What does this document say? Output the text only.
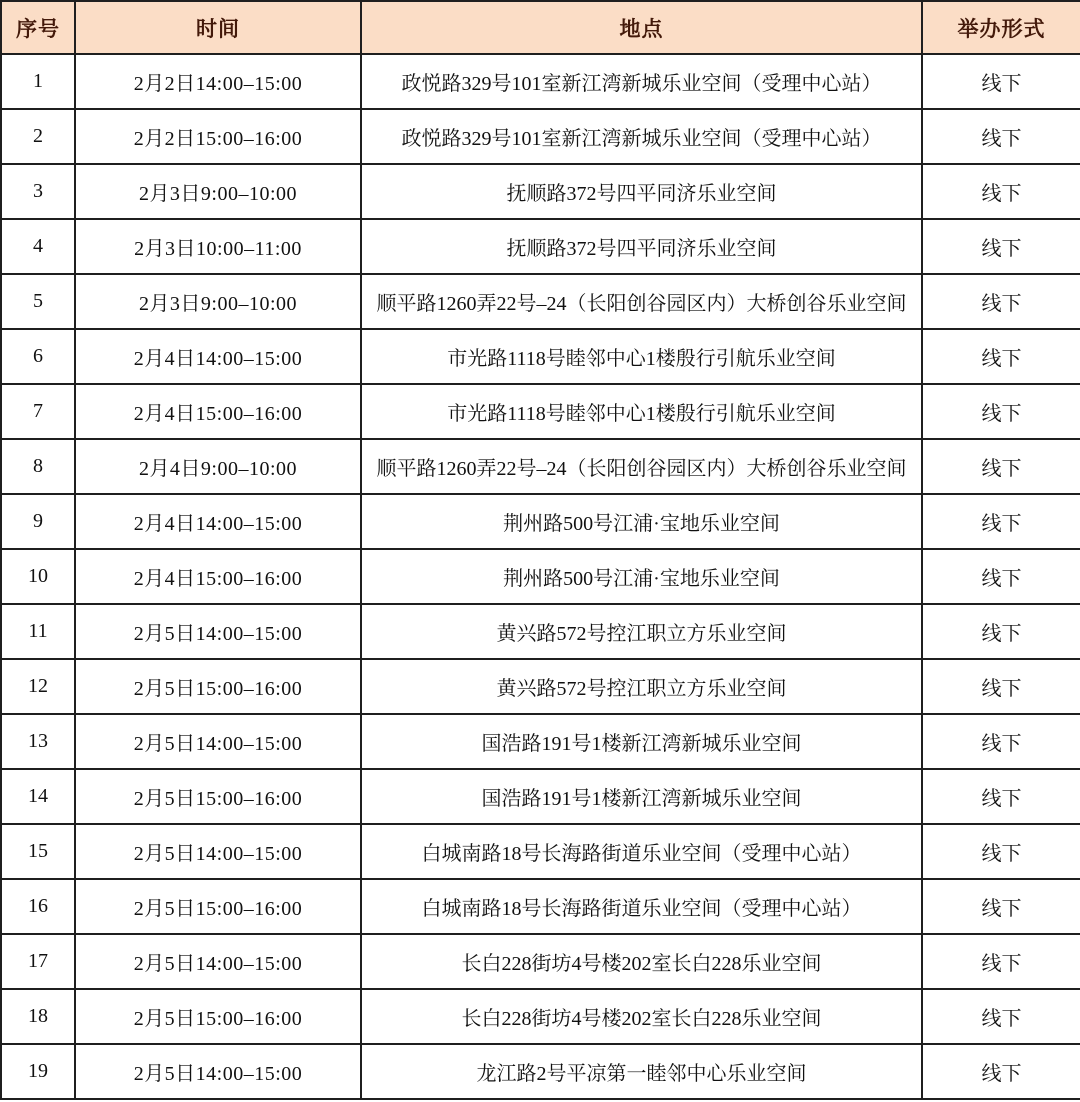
序号	时间	地点	举办形式
1	2月2日14:00–15:00	政悦路329号101室新江湾新城乐业空间（受理中心站）	线下
2	2月2日15:00–16:00	政悦路329号101室新江湾新城乐业空间（受理中心站）	线下
3	2月3日9:00–10:00	抚顺路372号四平同济乐业空间	线下
4	2月3日10:00–11:00	抚顺路372号四平同济乐业空间	线下
5	2月3日9:00–10:00	顺平路1260弄22号–24（长阳创谷园区内）大桥创谷乐业空间	线下
6	2月4日14:00–15:00	市光路1118号睦邻中心1楼殷行引航乐业空间	线下
7	2月4日15:00–16:00	市光路1118号睦邻中心1楼殷行引航乐业空间	线下
8	2月4日9:00–10:00	顺平路1260弄22号–24（长阳创谷园区内）大桥创谷乐业空间	线下
9	2月4日14:00–15:00	荆州路500号江浦·宝地乐业空间	线下
10	2月4日15:00–16:00	荆州路500号江浦·宝地乐业空间	线下
11	2月5日14:00–15:00	黄兴路572号控江职立方乐业空间	线下
12	2月5日15:00–16:00	黄兴路572号控江职立方乐业空间	线下
13	2月5日14:00–15:00	国浩路191号1楼新江湾新城乐业空间	线下
14	2月5日15:00–16:00	国浩路191号1楼新江湾新城乐业空间	线下
15	2月5日14:00–15:00	白城南路18号长海路街道乐业空间（受理中心站）	线下
16	2月5日15:00–16:00	白城南路18号长海路街道乐业空间（受理中心站）	线下
17	2月5日14:00–15:00	长白228街坊4号楼202室长白228乐业空间	线下
18	2月5日15:00–16:00	长白228街坊4号楼202室长白228乐业空间	线下
19	2月5日14:00–15:00	龙江路2号平凉第一睦邻中心乐业空间	线下
